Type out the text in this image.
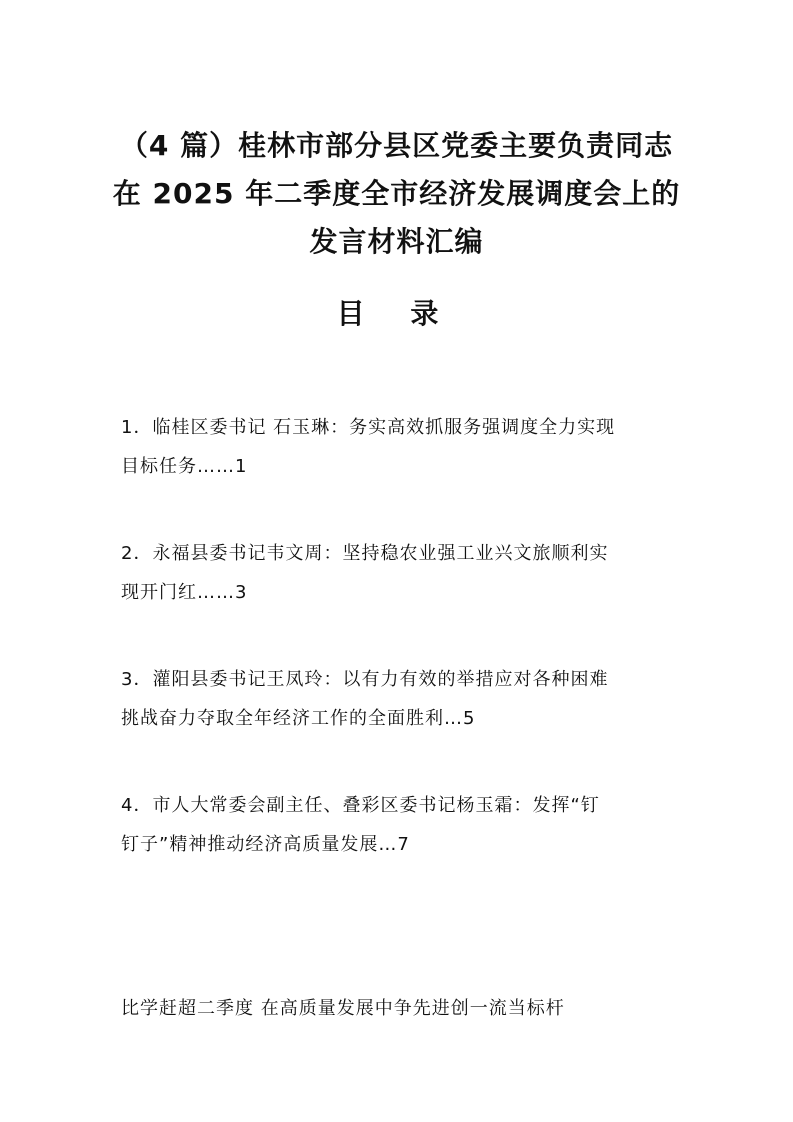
（4 篇）桂林市部分县区党委主要负责同志
在 2025 年二季度全市经济发展调度会上的
发言材料汇编
目 录
1．临桂区委书记 石玉琳：务实高效抓服务强调度全力实现
目标任务……1
2．永福县委书记韦文周：坚持稳农业强工业兴文旅顺利实
现开门红……3
3．灌阳县委书记王凤玲：以有力有效的举措应对各种困难
挑战奋力夺取全年经济工作的全面胜利…5
4．市人大常委会副主任、叠彩区委书记杨玉霜：发挥“钉
钉子”精神推动经济高质量发展…7
比学赶超二季度 在高质量发展中争先进创一流当标杆
